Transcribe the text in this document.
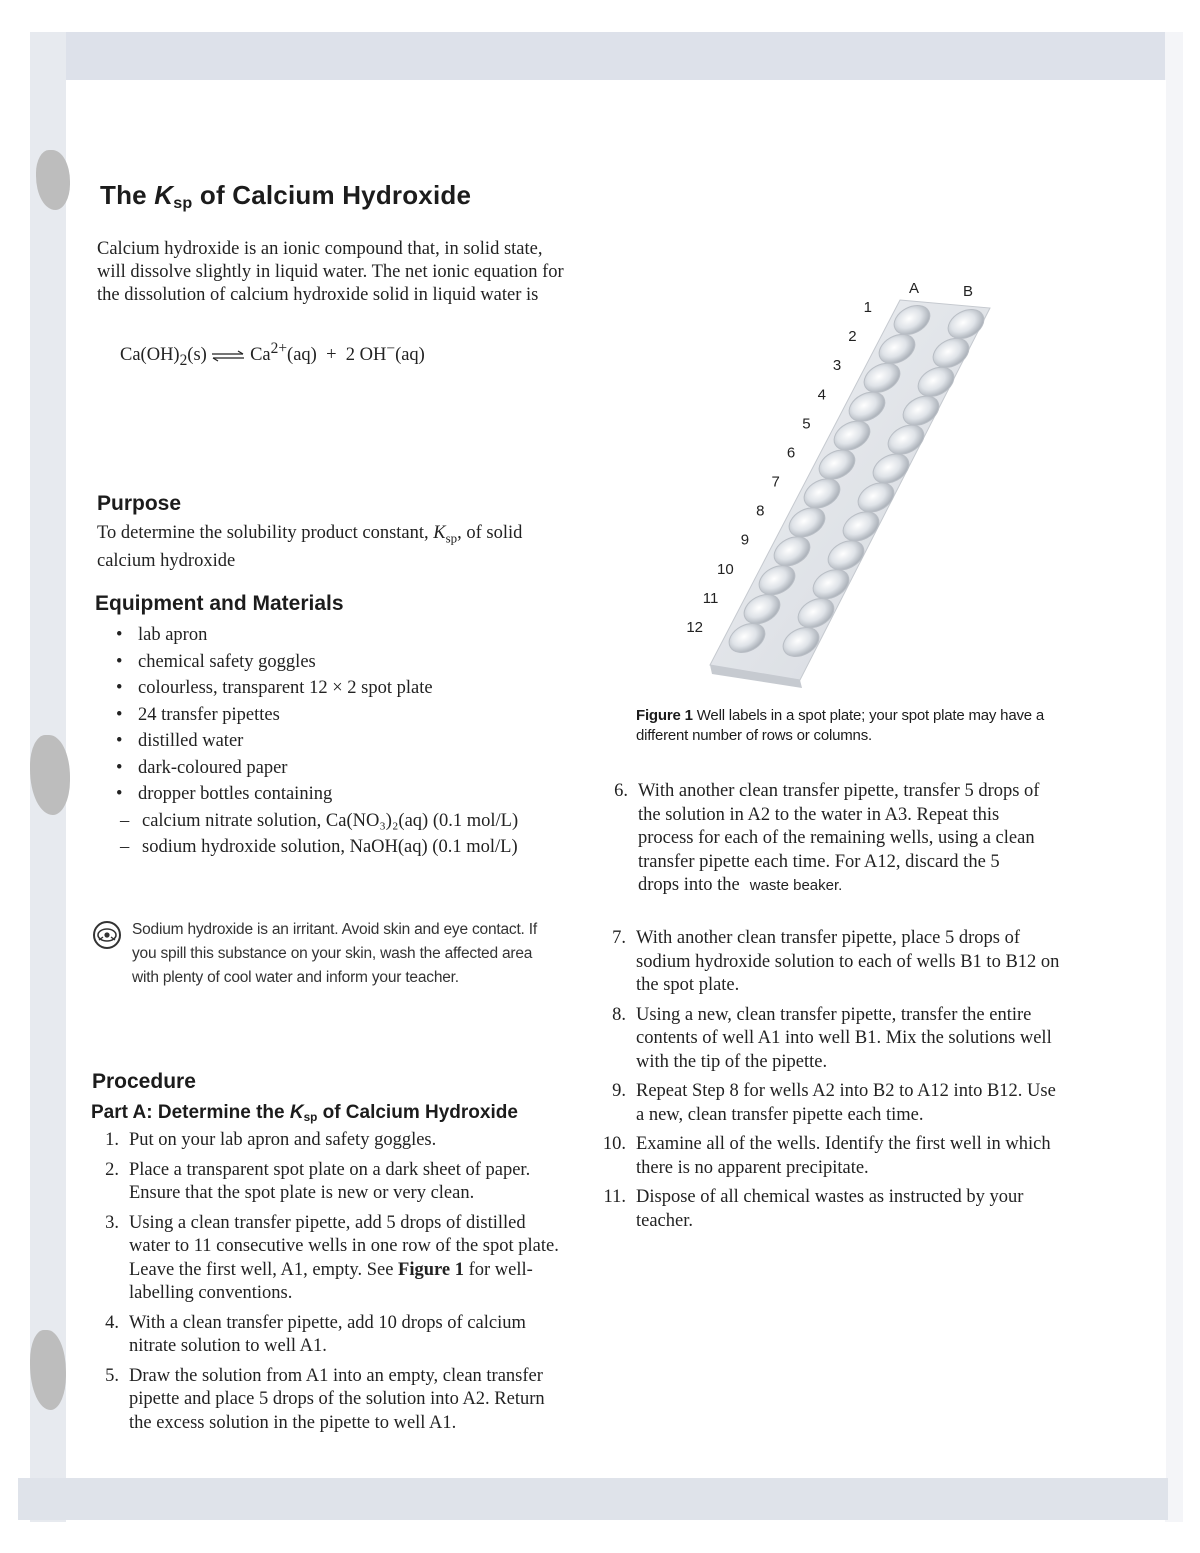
The $K_{sp}$ of Calcium Hydroxide
Calcium hydroxide is an ionic compound that, in solid state, will dissolve slightly in liquid water. The net ionic equation for the dissolution of calcium hydroxide solid in liquid water is
$Ca(OH)_2(s)$ ⇌ $Ca^{2+}(aq) + 2$ OH−(aq)
Purpose
To determine the solubility product constant, $K_{sp}$, of solid calcium hydroxide
Equipment and Materials
• lab apron
• chemical safety goggles
• colourless, transparent 12 × 2 spot plate
• 24 transfer pipettes
• distilled water
• dark-coloured paper
• dropper bottles containing
– calcium nitrate solution, Ca(NO₃)₂(aq) (0.1 mol/L)
– sodium hydroxide solution, NaOH(aq) (0.1 mol/L)
Sodium hydroxide is an irritant. Avoid skin and eye contact. If you spill this substance on your skin, wash the affected area with plenty of cool water and inform your teacher.
Procedure
Part A: Determine the $K_{sp}$ of Calcium Hydroxide
1. Put on your lab apron and safety goggles.
2. Place a transparent spot plate on a dark sheet of paper. Ensure that the spot plate is new or very clean.
3. Using a clean transfer pipette, add 5 drops of distilled water to 11 consecutive wells in one row of the spot plate. Leave the first well, A1, empty. See Figure 1 for well-labelling conventions.
4. With a clean transfer pipette, add 10 drops of calcium nitrate solution to well A1.
5. Draw the solution from A1 into an empty, clean transfer pipette and place 5 drops of the solution into A2. Return the excess solution in the pipette to well A1.
6. With another clean transfer pipette, transfer 5 drops of the solution in A2 to the water in A3. Repeat this process for each of the remaining wells, using a clean transfer pipette each time. For A12, discard the 5 drops into the waste beaker.
7. With another clean transfer pipette, place 5 drops of sodium hydroxide solution to each of wells B1 to B12 on the spot plate.
8. Using a new, clean transfer pipette, transfer the entire contents of well A1 into well B1. Mix the solutions well with the tip of the pipette.
9. Repeat Step 8 for wells A2 into B2 to A12 into B12. Use a new, clean transfer pipette each time.
10. Examine all of the wells. Identify the first well in which there is no apparent precipitate.
11. Dispose of all chemical wastes as instructed by your teacher.
1
2
3
4
5
6
7
8
9
10
11
12
A	B
Figure 1 Well labels in a spot plate; your spot plate may have a different number of rows or columns.
